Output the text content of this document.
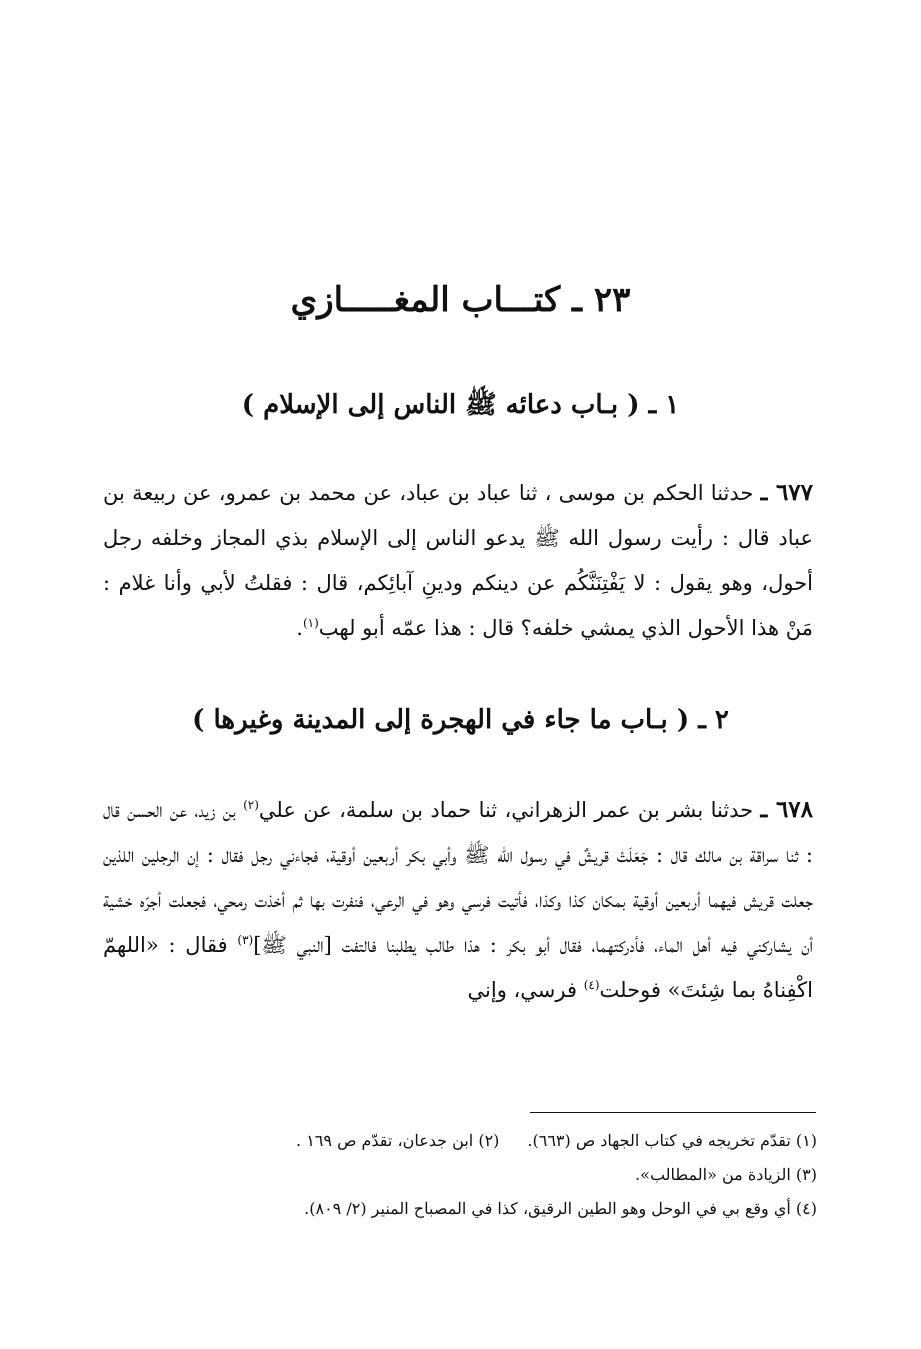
٢٣ ـ كتـــاب المغـــــازي
١ ـ ( بـاب دعائه ﷺ الناس إلى الإسلام )

٦٧٧ ـ حدثنا الحكم بن موسى ، ثنا عباد بن عباد، عن محمد بن عمرو، عن ربيعة بن عباد قال : رأيت رسول الله ﷺ يدعو الناس إلى الإسلام بذي المجاز وخلفه رجل أحول، وهو يقول : لا يَفْتِنَنَّكُم عن دينكم ودينِ آبائِكم، قال : فقلتُ لأبي وأنا غلام : مَنْ هذا الأحول الذي يمشي خلفه؟ قال : هذا عمّه أبو لهب$^{(١)}$.

٢ ـ ( بـاب ما جاء في الهجرة إلى المدينة وغيرها )

٦٧٨ ـ حدثنا بشر بن عمر الزهراني، ثنا حماد بن سلمة، عن علي$^{(٢)}$ بن زيد، عن الحسن قال : ثنا سراقة بن مالك قال : جَعَلَتْ قريشٌ في رسول الله ﷺ وأبي بكر أربعين أوقية، فجاءني رجل فقال : إن الرجلين اللذين جعلت قريش فيهما أربعين أوقية بمكان كذا وكذا، فأتيت فرسي وهو في الرعي، فنفرت بها ثم أخذت رمحي، فجعلت أجرّه خشية أن يشاركني فيه أهل الماء، فأدركتهما، فقال أبو بكر : هذا طالب يطلبنا فالتفت [النبي ﷺ]$^{(٣)}$ فقال : «اللهمّ اكْفِناهُ بما شِئتَ» فوحلت$^{(٤)}$ فرسي، وإني

(١) تقدّم تخريجه في كتاب الجهاد ص (٦٦٣).(٢) ابن جدعان، تقدّم ص ١٦٩ .
(٣) الزيادة من «المطالب».
(٤) أي وقع بي في الوحل وهو الطين الرقيق، كذا في المصباح المنير (٢/ ٨٠٩).
